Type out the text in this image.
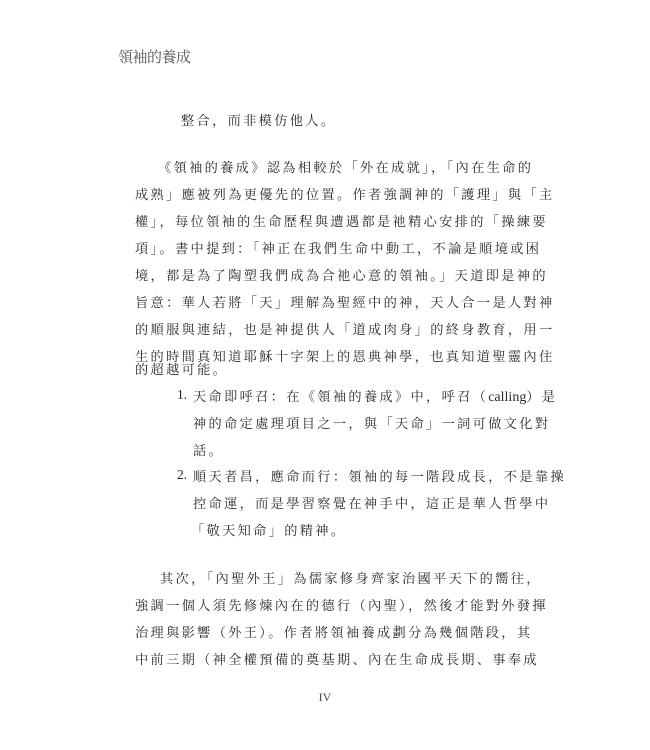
領袖的養成
整合，而非模仿他人。
《領袖的養成》認為相較於「外在成就」，「內在生命的
成熟」應被列為更優先的位置。作者強調神的「護理」與「主
權」，每位領袖的生命歷程與遭遇都是祂精心安排的「操練要
項」。書中提到：「神正在我們生命中動工，不論是順境或困
境，都是為了陶塑我們成為合祂心意的領袖。」天道即是神的
旨意：華人若將「天」理解為聖經中的神，天人合一是人對神
的順服與連結，也是神提供人「道成肉身」的終身教育，用一
生的時間真知道耶穌十字架上的恩典神學，也真知道聖靈內住
的超越可能。
1. 天命即呼召：在《領袖的養成》中，呼召（calling）是
神的命定處理項目之一，與「天命」一詞可做文化對
話。
2. 順天者昌，應命而行：領袖的每一階段成長，不是靠操
控命運，而是學習察覺在神手中，這正是華人哲學中
「敬天知命」的精神。
其次，「內聖外王」為儒家修身齊家治國平天下的嚮往，
強調一個人須先修煉內在的德行（內聖），然後才能對外發揮
治理與影響（外王）。作者將領袖養成劃分為幾個階段，其
中前三期（神全權預備的奠基期、內在生命成長期、事奉成
IV
